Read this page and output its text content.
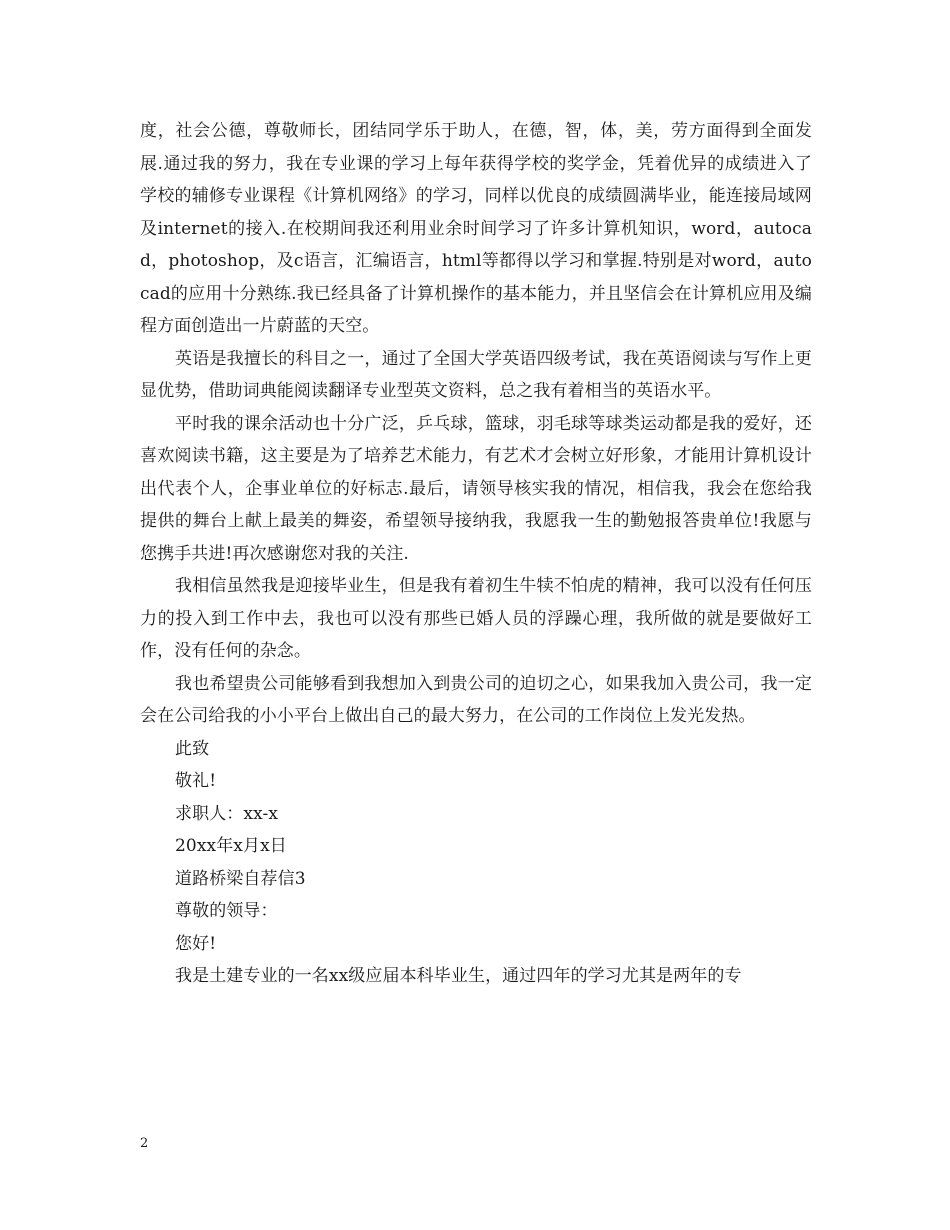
度，社会公德，尊敬师长，团结同学乐于助人，在德，智，体，美，劳方面得到全面发展.通过我的努力，我在专业课的学习上每年获得学校的奖学金，凭着优异的成绩进入了学校的辅修专业课程《计算机网络》的学习，同样以优良的成绩圆满毕业，能连接局域网及internet的接入.在校期间我还利用业余时间学习了许多计算机知识，word，autocad，photoshop，及c语言，汇编语言，html等都得以学习和掌握.特别是对word，autocad的应用十分熟练.我已经具备了计算机操作的基本能力，并且坚信会在计算机应用及编程方面创造出一片蔚蓝的天空。

英语是我擅长的科目之一，通过了全国大学英语四级考试，我在英语阅读与写作上更显优势，借助词典能阅读翻译专业型英文资料，总之我有着相当的英语水平。

平时我的课余活动也十分广泛，乒乓球，篮球，羽毛球等球类运动都是我的爱好，还喜欢阅读书籍，这主要是为了培养艺术能力，有艺术才会树立好形象，才能用计算机设计出代表个人，企事业单位的好标志.最后，请领导核实我的情况，相信我，我会在您给我提供的舞台上献上最美的舞姿，希望领导接纳我，我愿我一生的勤勉报答贵单位!我愿与您携手共进!再次感谢您对我的关注.

我相信虽然我是迎接毕业生，但是我有着初生牛犊不怕虎的精神，我可以没有任何压力的投入到工作中去，我也可以没有那些已婚人员的浮躁心理，我所做的就是要做好工作，没有任何的杂念。

我也希望贵公司能够看到我想加入到贵公司的迫切之心，如果我加入贵公司，我一定会在公司给我的小小平台上做出自己的最大努力，在公司的工作岗位上发光发热。

此致

敬礼!

求职人：xx-x

20xx年x月x日

道路桥梁自荐信3

尊敬的领导：

您好!

我是土建专业的一名xx级应届本科毕业生，通过四年的学习尤其是两年的专

2
